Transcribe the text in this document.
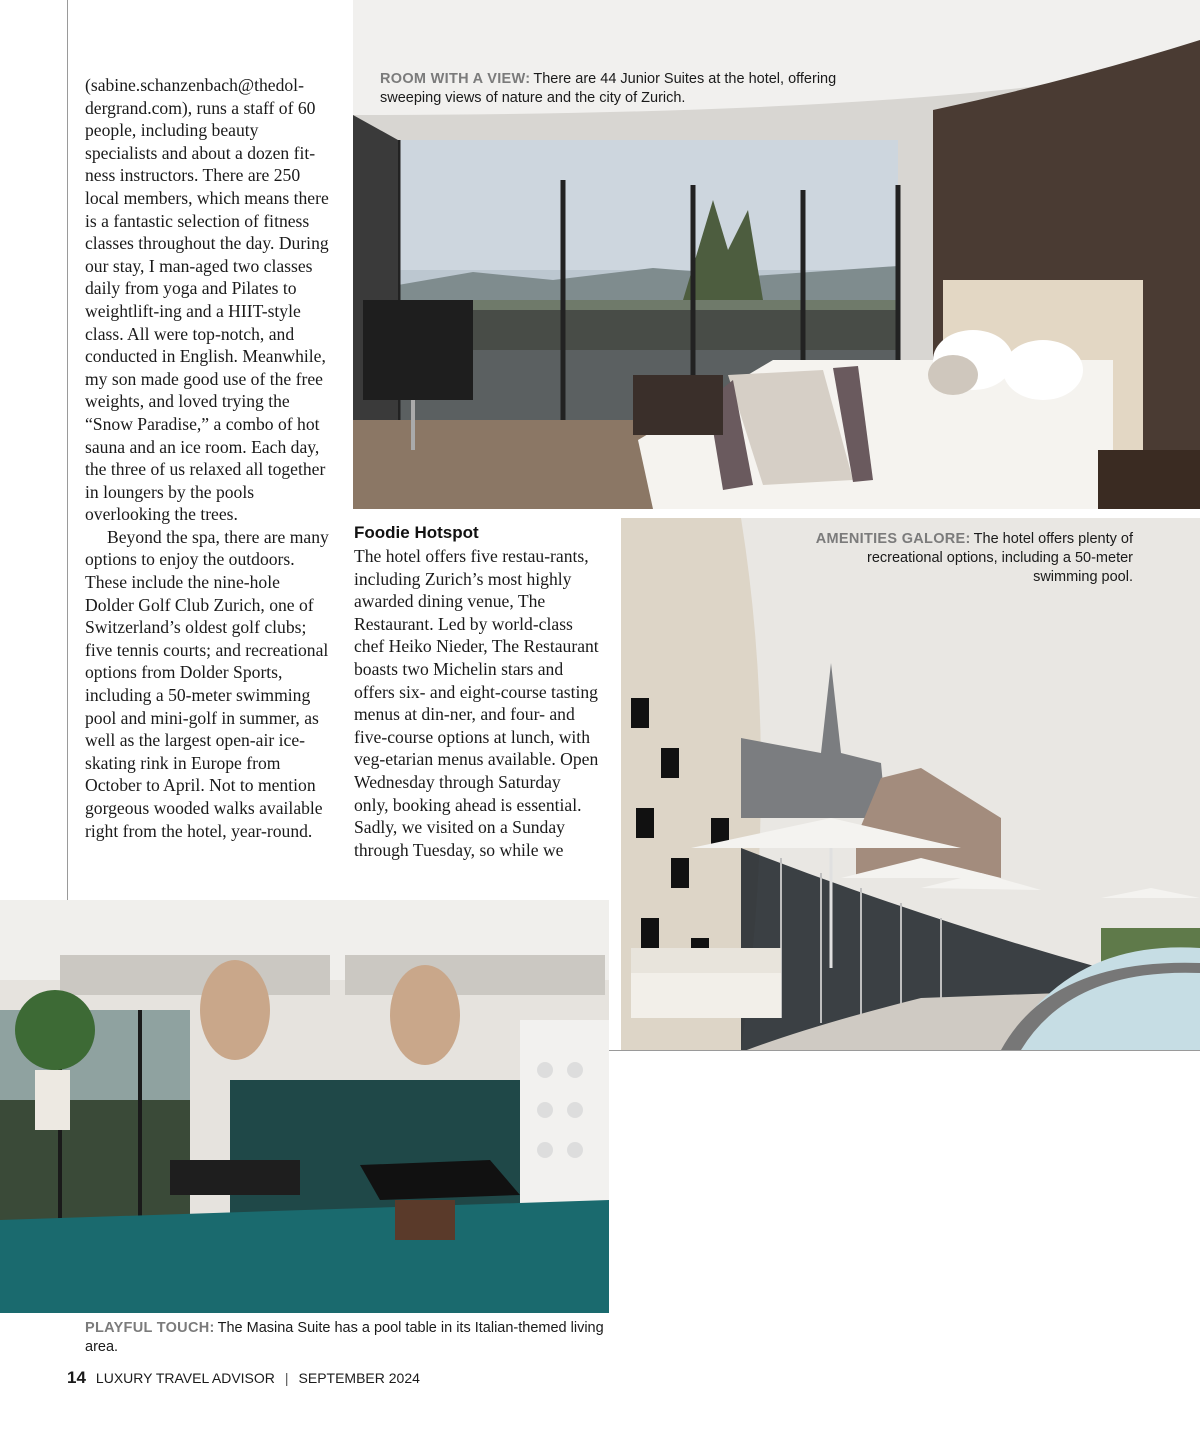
(sabine.schanzenbach@thedol-dergrand.com), runs a staff of 60 people, including beauty specialists and about a dozen fit-ness instructors. There are 250 local members, which means there is a fantastic selection of fitness classes throughout the day. During our stay, I man-aged two classes daily from yoga and Pilates to weightlift-ing and a HIIT-style class. All were top-notch, and conducted in English. Meanwhile, my son made good use of the free weights, and loved trying the “Snow Paradise,” a combo of hot sauna and an ice room. Each day, the three of us relaxed all together in loungers by the pools overlooking the trees.

Beyond the spa, there are many options to enjoy the outdoors. These include the nine-hole Dolder Golf Club Zurich, one of Switzerland’s oldest golf clubs; five tennis courts; and recreational options from Dolder Sports, including a 50-meter swimming pool and mini-golf in summer, as well as the largest open-air ice-skating rink in Europe from October to April. Not to mention gorgeous wooded walks available right from the hotel, year-round.

Foodie Hotspot

The hotel offers five restau-rants, including Zurich’s most highly awarded dining venue, The Restaurant. Led by world-class chef Heiko Nieder, The Restaurant boasts two Michelin stars and offers six- and eight-course tasting menus at din-ner, and four- and five-course options at lunch, with veg-etarian menus available. Open Wednesday through Saturday only, booking ahead is essential. Sadly, we visited on a Sunday through Tuesday, so while we

ROOM WITH A VIEW: There are 44 Junior Suites at the hotel, offering sweeping views of nature and the city of Zurich.
AMENITIES GALORE: The hotel offers plenty of recreational options, including a 50-meter swimming pool.
PLAYFUL TOUCH: The Masina Suite has a pool table in its Italian-themed living area.
14 LUXURY TRAVEL ADVISOR | SEPTEMBER 2024
